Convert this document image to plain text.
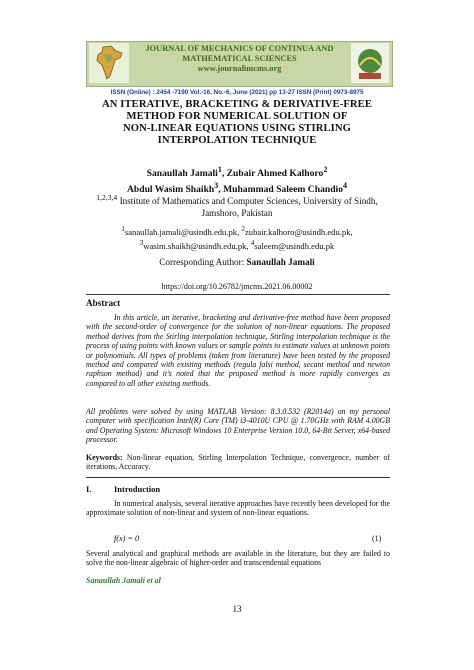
JOURNAL OF MECHANICS OF CONTINUA AND
MATHEMATICAL SCIENCES
www.journalimcms.org
ISSN (Online) : 2454 -7190 Vol.-16, No.-6, June (2021) pp 13-27 ISSN (Print) 0973-8975
AN ITERATIVE, BRACKETING & DERIVATIVE-FREE
METHOD FOR NUMERICAL SOLUTION OF
NON-LINEAR EQUATIONS USING STIRLING
INTERPOLATION TECHNIQUE
Sanaullah Jamali$^1$, Zubair Ahmed Kalhoro$^2$
Abdul Wasim Shaikh$^3$, Muhammad Saleem Chandio$^4$
$^{1,2,3,4}$ Institute of Mathematics and Computer Sciences, University of Sindh,
Jamshoro, Pakistan
$^1$sanaullah.jamali@usindh.edu.pk, $^2$zubair.kalhoro@usindh.edu.pk,
$^3$wasim.shaikh@usindh.edu.pk, $^4$saleem@usindh.edu.pk
Corresponding Author: Sanaullah Jamali
https://doi.org/10.26782/jmcms.2021.06.00002
Abstract
In this article, an iterative, bracketing and derivative-free method have been proposed with the second-order of convergence for the solution of non-linear equations. The proposed method derives from the Stirling interpolation technique, Stirling interpolation technique is the process of using points with known values or sample points to estimate values at unknown points or polynomials. All types of problems (taken from literature) have been tested by the proposed method and compared with existing methods (regula falsi method, secant method and newton raphson method) and it’s noted that the proposed method is more rapidly converges as compared to all other existing methods.
All problems were solved by using MATLAB Version: 8.3.0.532 (R2014a) on my personal computer with specification Intel(R) Core (TM) i3-4010U CPU @ 1.70GHz with RAM 4.00GB and Operating System: Microsoft Windows 10 Enterprise Version 10.0, 64-Bit Server, x64-based processor.
Keywords: Non-linear equation, Stirling Interpolation Technique, convergence, number of iterations, Accuracy.
I.	Introduction
In numerical analysis, several iterative approaches have recently been developed for the approximate solution of non-linear and system of non-linear equations.
f(x) = 0	(1)
Several analytical and graphical methods are available in the literature, but they are failed to solve the non-linear algebraic of higher-order and transcendental equations
Sanaullah Jamali et al
13
